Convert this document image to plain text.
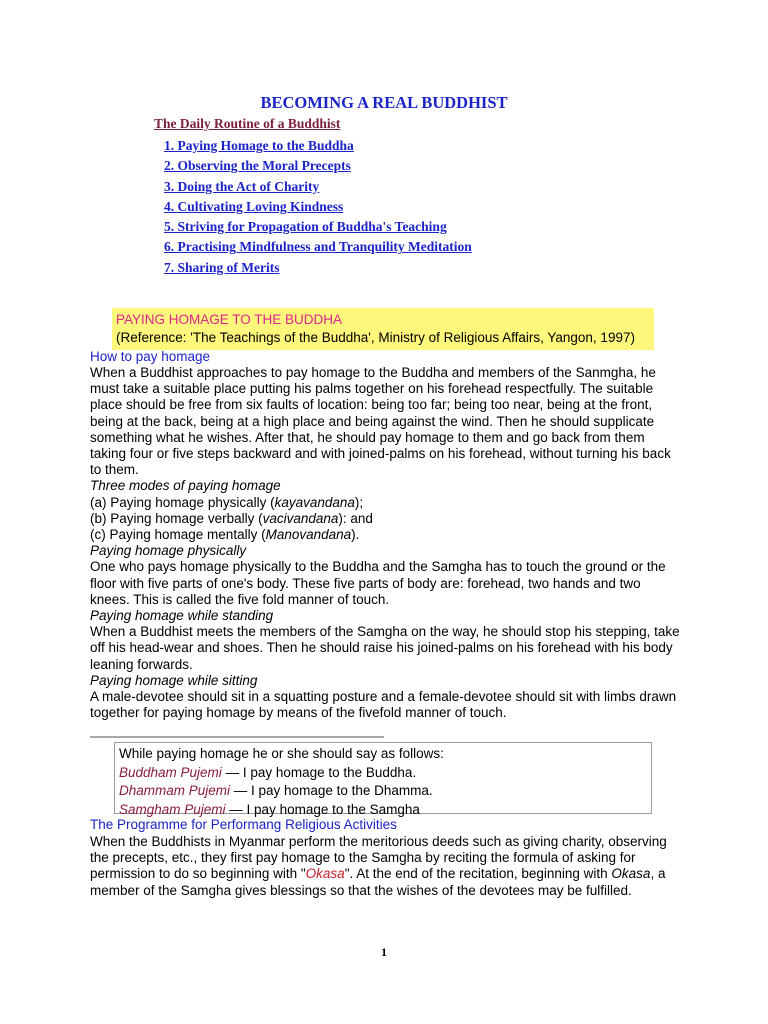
BECOMING A REAL BUDDHIST
The Daily Routine of a Buddhist
1. Paying Homage to the Buddha
2. Observing the Moral Precepts
3. Doing the Act of Charity
4. Cultivating Loving Kindness
5. Striving for Propagation of Buddha's Teaching
6. Practising Mindfulness and Tranquility Meditation
7. Sharing of Merits
PAYING HOMAGE TO THE BUDDHA
(Reference: 'The Teachings of the Buddha', Ministry of Religious Affairs, Yangon, 1997)
How to pay homage

When a Buddhist approaches to pay homage to the Buddha and members of the Sanmgha, he must take a suitable place putting his palms together on his forehead respectfully. The suitable place should be free from six faults of location: being too far; being too near, being at the front, being at the back, being at a high place and being against the wind. Then he should supplicate something what he wishes. After that, he should pay homage to them and go back from them taking four or five steps backward and with joined-palms on his forehead, without turning his back to them.

Three modes of paying homage

(a) Paying homage physically (kayavandana);

(b) Paying homage verbally (vacivandana): and

(c) Paying homage mentally (Manovandana).

Paying homage physically

One who pays homage physically to the Buddha and the Samgha has to touch the ground or the floor with five parts of one's body. These five parts of body are: forehead, two hands and two knees. This is called the five fold manner of touch.

Paying homage while standing

When a Buddhist meets the members of the Samgha on the way, he should stop his stepping, take off his head-wear and shoes. Then he should raise his joined-palms on his forehead with his body leaning forwards.

Paying homage while sitting

A male-devotee should sit in a squatting posture and a female-devotee should sit with limbs drawn together for paying homage by means of the fivefold manner of touch.

While paying homage he or she should say as follows:

Buddham Pujemi — I pay homage to the Buddha.

Dhammam Pujemi — I pay homage to the Dhamma.

Samgham Pujemi — I pay homage to the Samgha

The Programme for Performang Religious Activities

When the Buddhists in Myanmar perform the meritorious deeds such as giving charity, observing the precepts, etc., they first pay homage to the Samgha by reciting the formula of asking for permission to do so beginning with "Okasa". At the end of the recitation, beginning with Okasa, a member of the Samgha gives blessings so that the wishes of the devotees may be fulfilled.

1
